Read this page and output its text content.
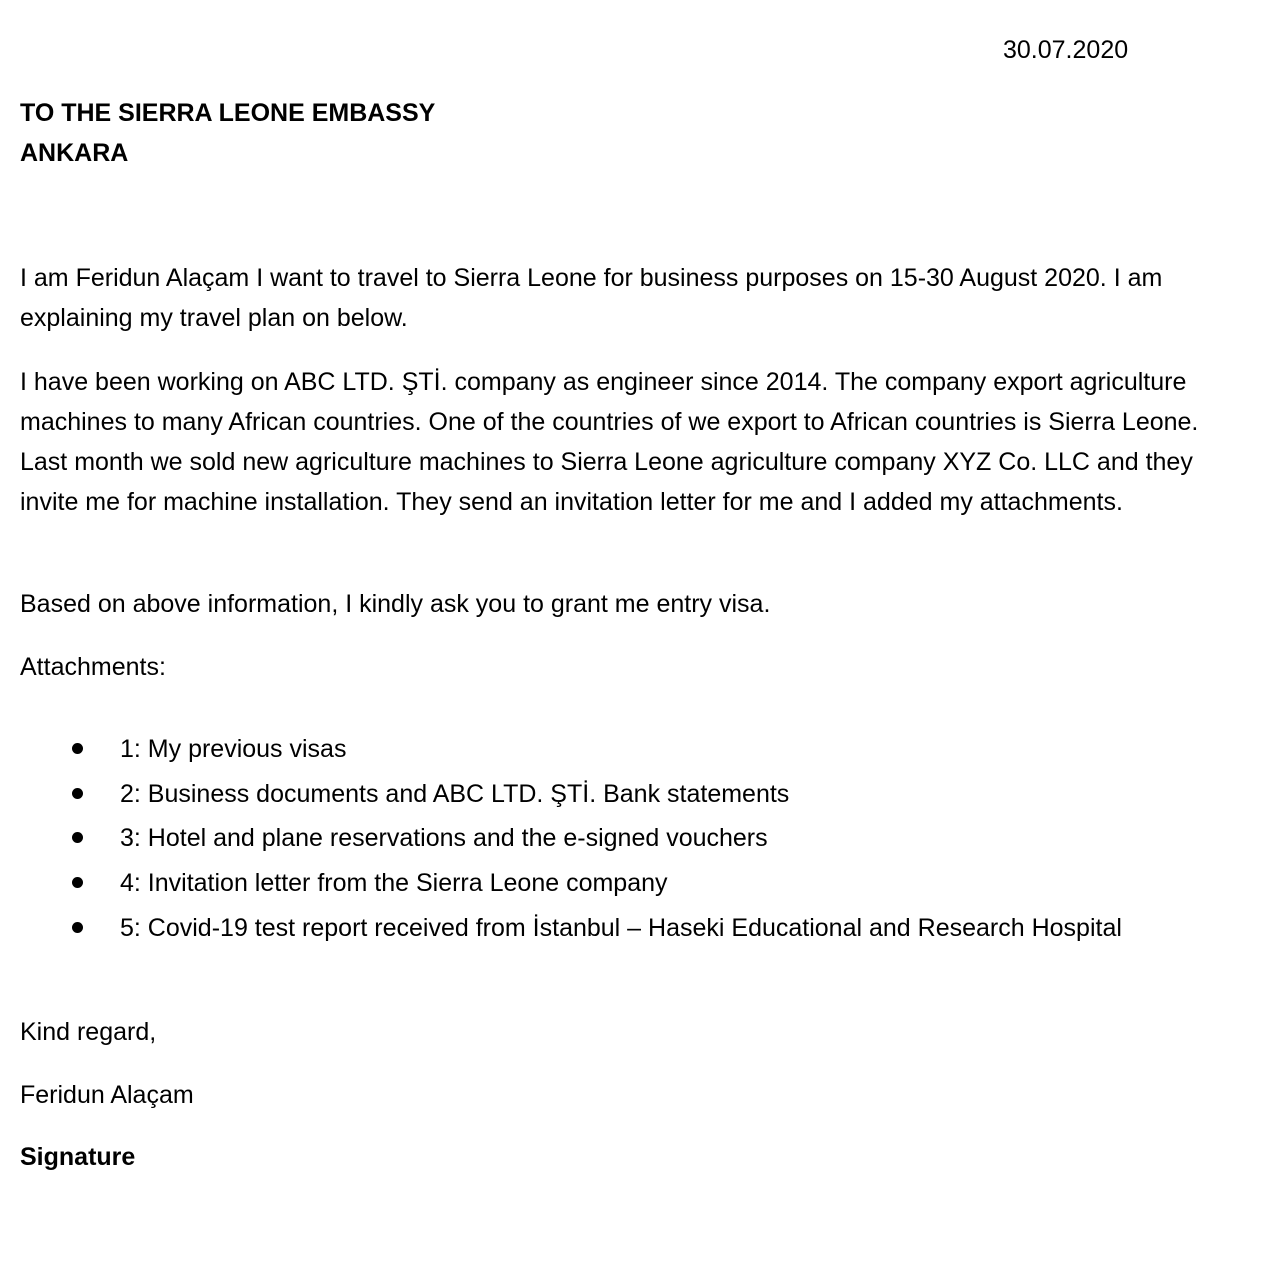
30.07.2020
TO THE SIERRA LEONE EMBASSY
ANKARA

I am Feridun Alaçam I want to travel to Sierra Leone for business purposes on 15-30 August 2020. I am explaining my travel plan on below.

I have been working on ABC LTD. ŞTİ. company as engineer since 2014. The company export agriculture machines to many African countries. One of the countries of we export to African countries is Sierra Leone. Last month we sold new agriculture machines to Sierra Leone agriculture company XYZ Co. LLC and they invite me for machine installation. They send an invitation letter for me and I added my attachments.

Based on above information, I kindly ask you to grant me entry visa.

Attachments:

1: My previous visas
2: Business documents and ABC LTD. ŞTİ. Bank statements
3: Hotel and plane reservations and the e-signed vouchers
4: Invitation letter from the Sierra Leone company
5: Covid-19 test report received from İstanbul – Haseki Educational and Research Hospital
Kind regard,
Feridun Alaçam
Signature
